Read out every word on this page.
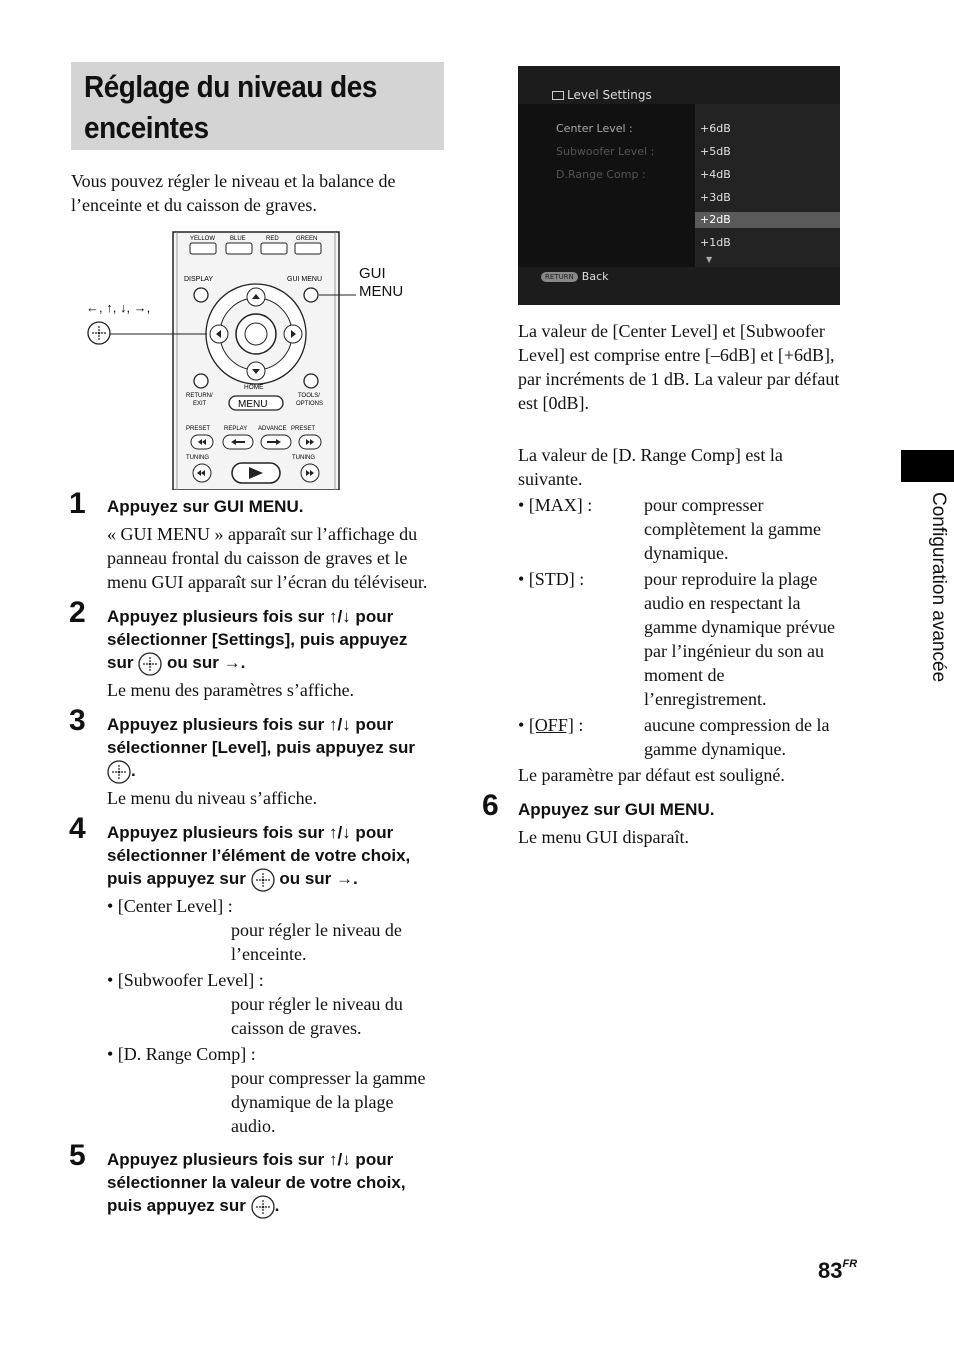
Réglage du niveau des enceintes
Vous pouvez régler le niveau et la balance de
l’enceinte et du caisson de graves.
YELLOW BLUE	RED	GREEN
DISPLAY	GUI MENU
RETURN/
EXIT
HOME
MENU
TOOLS/
OPTIONS
PRESET REPLAY ADVANCE PRESET
TUNING	TUNING
←, ↑, ↓, →,
GUI
MENU
1 Appuyez sur GUI MENU.
« GUI MENU » apparaît sur l’affichage du
panneau frontal du caisson de graves et le
menu GUI apparaît sur l’écran du téléviseur.
2 Appuyez plusieurs fois sur ↑/↓ pour
sélectionner [Settings], puis appuyez
sur ou sur →.
Le menu des paramètres s’affiche.
3 Appuyez plusieurs fois sur ↑/↓ pour
sélectionner [Level], puis appuyez sur
.
Le menu du niveau s’affiche.
4 Appuyez plusieurs fois sur ↑/↓ pour
sélectionner l’élément de votre choix,
puis appuyez sur ou sur →.
• [Center Level] :
pour régler le niveau de
l’enceinte.
• [Subwoofer Level] :
pour régler le niveau du
caisson de graves.
• [D. Range Comp] :
pour compresser la gamme
dynamique de la plage
audio.
5 Appuyez plusieurs fois sur ↑/↓ pour
sélectionner la valeur de votre choix,
puis appuyez sur .
Level Settings
Center Level :
Subwoofer Level :
D.Range Comp :
+6dB
+5dB
+4dB
+3dB
+2dB
+1dB
▼
RETURN Back
La valeur de [Center Level] et [Subwoofer
Level] est comprise entre [–6dB] et [+6dB],
par incréments de 1 dB. La valeur par défaut
est [0dB].
La valeur de [D. Range Comp] est la
suivante.
• [MAX] :	pour compresser
complètement la gamme
dynamique.
• [STD] :	pour reproduire la plage
audio en respectant la
gamme dynamique prévue
par l’ingénieur du son au
moment de
l’enregistrement.
• [OFF] :	aucune compression de la
gamme dynamique.
Le paramètre par défaut est souligné.
6 Appuyez sur GUI MENU.
Le menu GUI disparaît.
Configuration avancée
$83^{FR}$
